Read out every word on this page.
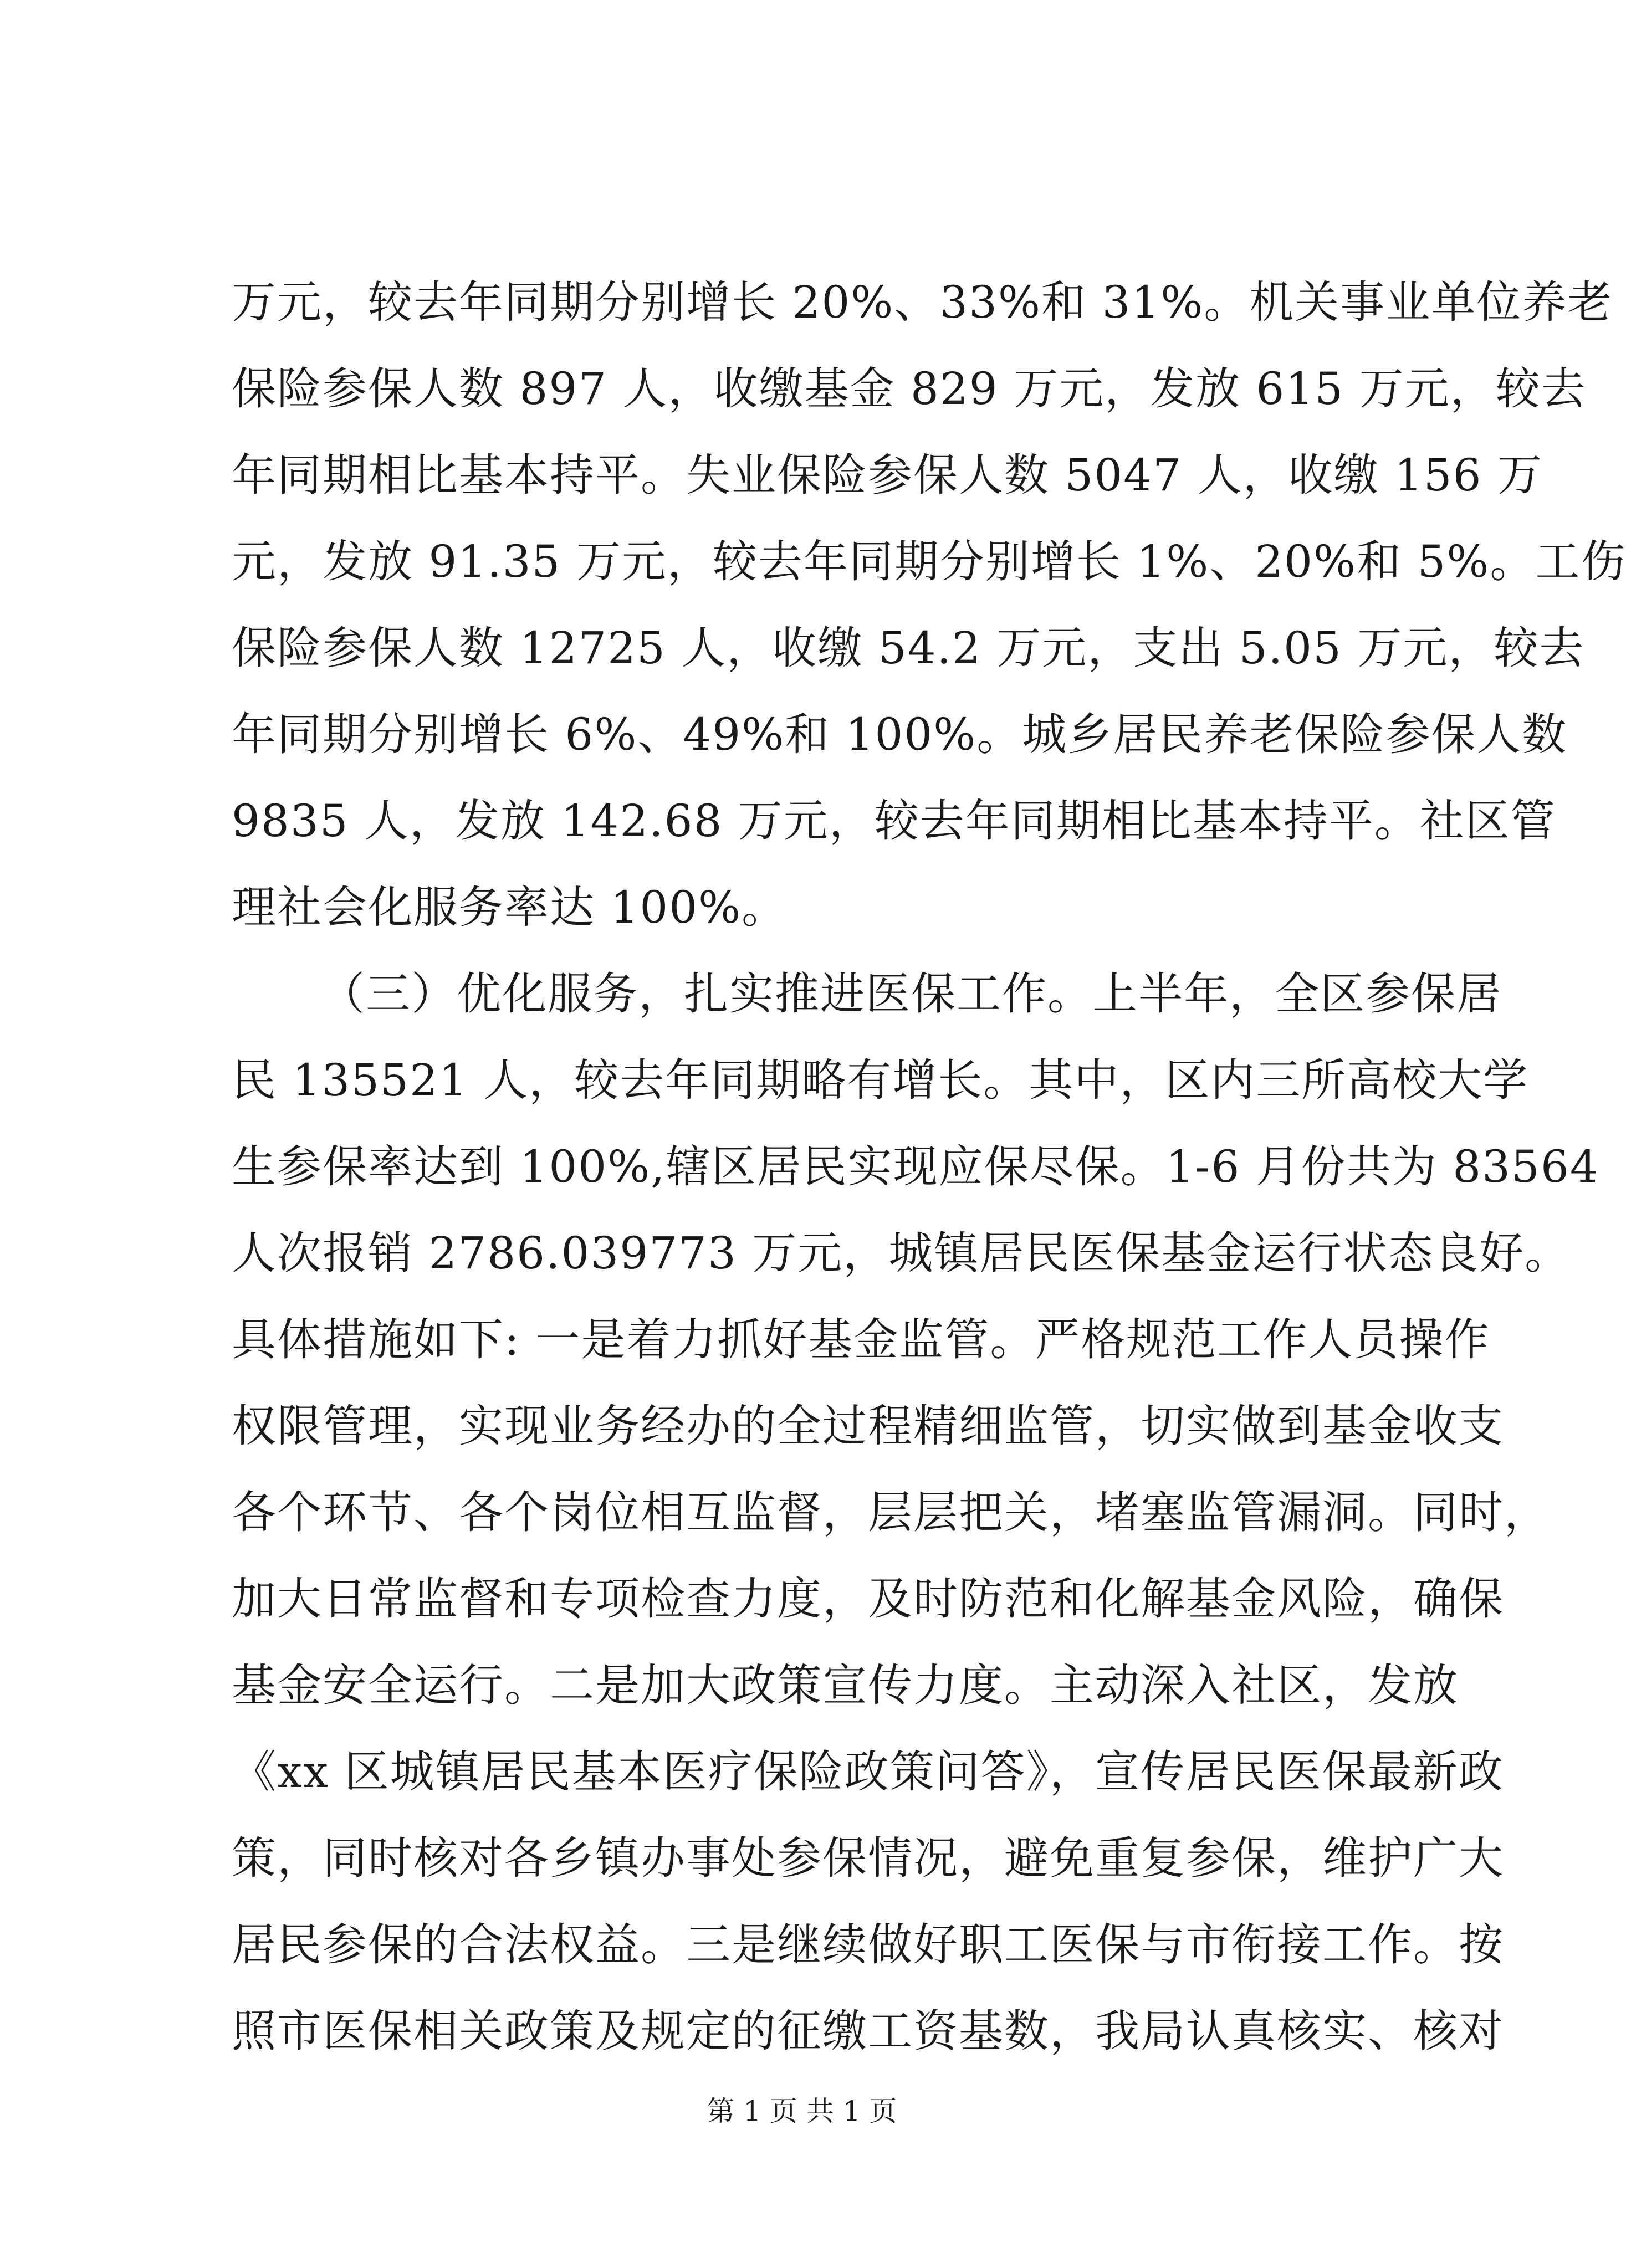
万元，较去年同期分别增长 20%、33%和 31%。机关事业单位养老
保险参保人数 897 人，收缴基金 829 万元，发放 615 万元，较去
年同期相比基本持平。失业保险参保人数 5047 人，收缴 156 万
元，发放 91.35 万元，较去年同期分别增长 1%、20%和 5%。工伤
保险参保人数 12725 人，收缴 54.2 万元，支出 5.05 万元，较去
年同期分别增长 6%、49%和 100%。城乡居民养老保险参保人数
9835 人，发放 142.68 万元，较去年同期相比基本持平。社区管
理社会化服务率达 100%。
（三）优化服务，扎实推进医保工作。上半年，全区参保居
民 135521 人，较去年同期略有增长。其中，区内三所高校大学
生参保率达到 100%,辖区居民实现应保尽保。1-6 月份共为 83564
人次报销 2786.039773 万元，城镇居民医保基金运行状态良好。
具体措施如下: 一是着力抓好基金监管。严格规范工作人员操作
权限管理，实现业务经办的全过程精细监管，切实做到基金收支
各个环节、各个岗位相互监督，层层把关，堵塞监管漏洞。同时，
加大日常监督和专项检查力度，及时防范和化解基金风险，确保
基金安全运行。二是加大政策宣传力度。主动深入社区，发放
《xx 区城镇居民基本医疗保险政策问答》，宣传居民医保最新政
策，同时核对各乡镇办事处参保情况，避免重复参保，维护广大
居民参保的合法权益。三是继续做好职工医保与市衔接工作。按
照市医保相关政策及规定的征缴工资基数，我局认真核实、核对
第 1 页 共 1 页
